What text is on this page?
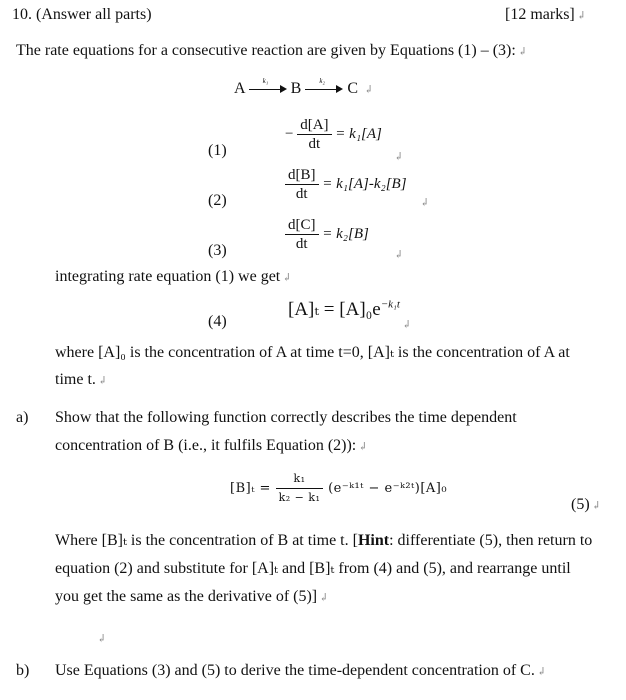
10. (Answer all parts)	[12 marks] ↲
The rate equations for a consecutive reaction are given by Equations (1) – (3): ↲
A	k₁ B	k₂ C ↲
(1)
− $\frac{d[A]}{dt} = k_1[A]$
↲
(2)	$\frac{d[B]}{dt} = k_1[A]-k_2[B]$
↲
(3)	$\frac{d[C]}{dt} = k_2[B]$
↲
integrating rate equation (1) we get ↲
(4)
$[A]_t = [A]_0e^{-k_1t}$
↲
where [A]₀ is the concentration of A at time t=0, [A]ₜ is the concentration of A at
time t. ↲
a) Show that the following function correctly describes the time dependent
concentration of B (i.e., it fulfils Equation (2)): ↲
$[B]_t = \frac{\text{k₁}}{\text{k₂ − k₁}}$ (e⁻ᵏ¹ᵗ − e⁻ᵏ²ᵗ)[A]₀
(5) ↲
Where [B]ₜ is the concentration of B at time t. [Hint: differentiate (5), then return to
equation (2) and substitute for [A]ₜ and [B]ₜ from (4) and (5), and rearrange until
you get the same as the derivative of (5)] ↲
↲
b) Use Equations (3) and (5) to derive the time-dependent concentration of C. ↲
